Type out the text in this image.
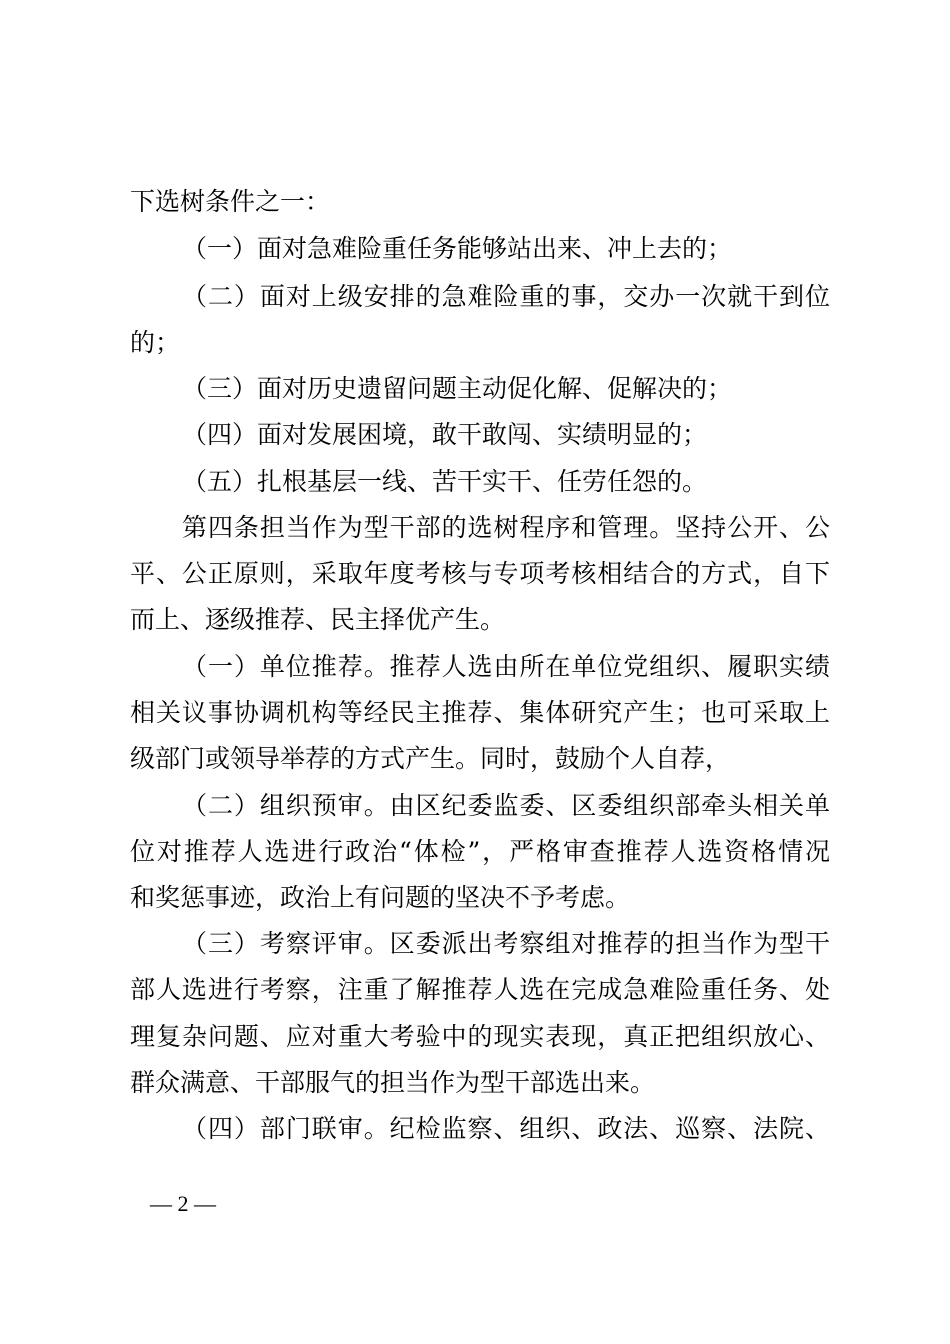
下选树条件之一：
（一）面对急难险重任务能够站出来、冲上去的；
（二）面对上级安排的急难险重的事，交办一次就干到位
的；
（三）面对历史遗留问题主动促化解、促解决的；
（四）面对发展困境，敢干敢闯、实绩明显的；
（五）扎根基层一线、苦干实干、任劳任怨的。
第四条担当作为型干部的选树程序和管理。坚持公开、公
平、公正原则，采取年度考核与专项考核相结合的方式，自下
而上、逐级推荐、民主择优产生。
（一）单位推荐。推荐人选由所在单位党组织、履职实绩
相关议事协调机构等经民主推荐、集体研究产生；也可采取上
级部门或领导举荐的方式产生。同时，鼓励个人自荐，
（二）组织预审。由区纪委监委、区委组织部牵头相关单
位对推荐人选进行政治“体检”，严格审查推荐人选资格情况
和奖惩事迹，政治上有问题的坚决不予考虑。
（三）考察评审。区委派出考察组对推荐的担当作为型干
部人选进行考察，注重了解推荐人选在完成急难险重任务、处
理复杂问题、应对重大考验中的现实表现，真正把组织放心、
群众满意、干部服气的担当作为型干部选出来。
（四）部门联审。纪检监察、组织、政法、巡察、法院、
— 2 —
